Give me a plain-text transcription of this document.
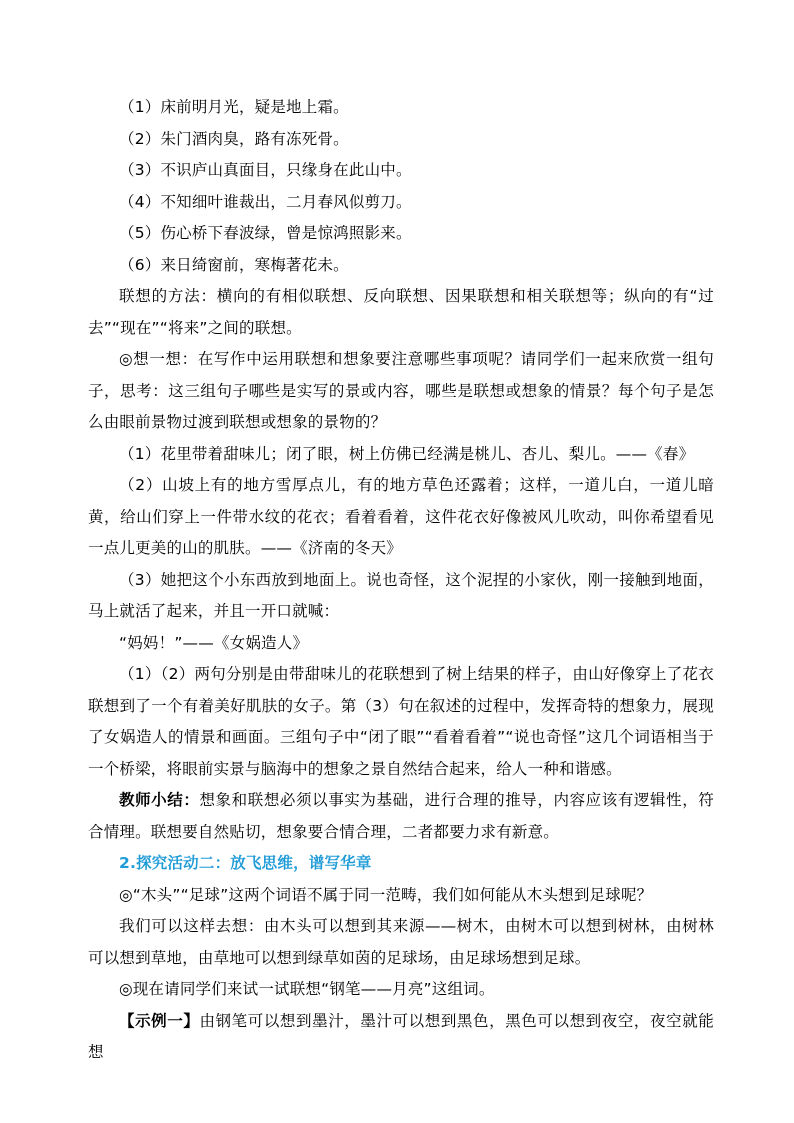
（1）床前明月光，疑是地上霜。

（2）朱门酒肉臭，路有冻死骨。

（3）不识庐山真面目，只缘身在此山中。

（4）不知细叶谁裁出，二月春风似剪刀。

（5）伤心桥下春波绿，曾是惊鸿照影来。

（6）来日绮窗前，寒梅著花未。

联想的方法：横向的有相似联想、反向联想、因果联想和相关联想等；纵向的有“过去”“现在”“将来”之间的联想。

◎想一想：在写作中运用联想和想象要注意哪些事项呢？请同学们一起来欣赏一组句子，思考：这三组句子哪些是实写的景或内容，哪些是联想或想象的情景？每个句子是怎么由眼前景物过渡到联想或想象的景物的？

（1）花里带着甜味儿；闭了眼，树上仿佛已经满是桃儿、杏儿、梨儿。——《春》

（2）山坡上有的地方雪厚点儿，有的地方草色还露着；这样，一道儿白，一道儿暗黄，给山们穿上一件带水纹的花衣；看着看着，这件花衣好像被风儿吹动，叫你希望看见一点儿更美的山的肌肤。——《济南的冬天》

（3）她把这个小东西放到地面上。说也奇怪，这个泥捏的小家伙，刚一接触到地面，马上就活了起来，并且一开口就喊：

“妈妈！”——《女娲造人》

（1）（2）两句分别是由带甜味儿的花联想到了树上结果的样子，由山好像穿上了花衣联想到了一个有着美好肌肤的女子。第（3）句在叙述的过程中，发挥奇特的想象力，展现了女娲造人的情景和画面。三组句子中“闭了眼”“看着看着”“说也奇怪”这几个词语相当于一个桥梁，将眼前实景与脑海中的想象之景自然结合起来，给人一种和谐感。

教师小结：想象和联想必须以事实为基础，进行合理的推导，内容应该有逻辑性，符合情理。联想要自然贴切，想象要合情合理，二者都要力求有新意。

2.探究活动二：放飞思维，谱写华章

◎“木头”“足球”这两个词语不属于同一范畴，我们如何能从木头想到足球呢？

我们可以这样去想：由木头可以想到其来源——树木，由树木可以想到树林，由树林可以想到草地，由草地可以想到绿草如茵的足球场，由足球场想到足球。

◎现在请同学们来试一试联想“钢笔——月亮”这组词。

【示例一】由钢笔可以想到墨汁，墨汁可以想到黑色，黑色可以想到夜空，夜空就能想
